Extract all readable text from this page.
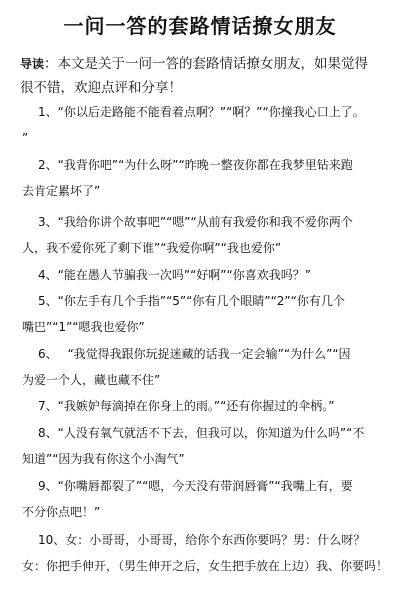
一问一答的套路情话撩女朋友
导读：本文是关于一问一答的套路情话撩女朋友，如果觉得
很不错，欢迎点评和分享！
1、“你以后走路能不能看着点啊？”“啊？”“你撞我心口上了。
”
2、“我背你吧”“为什么呀”“昨晚一整夜你都在我梦里钻来跑
去肯定累坏了”
3、“我给你讲个故事吧”“嗯”“从前有我爱你和我不爱你两个
人，我不爱你死了剩下谁”“我爱你啊”“我也爱你”
4、“能在愚人节骗我一次吗”“好啊”“你喜欢我吗？”
5、“你左手有几个手指”“5”“你有几个眼睛”“2”“你有几个
嘴巴”“1”“嗯我也爱你”
6、　 “我觉得我跟你玩捉迷藏的话我一定会输”“为什么”“因
为爱一个人，藏也藏不住”
7、“我嫉妒每滴掉在你身上的雨。”“还有你握过的伞柄。”
8、“人没有氧气就活不下去，但我可以，你知道为什么吗”“不
知道”“因为我有你这个小淘气”
9、“你嘴唇都裂了”“嗯，今天没有带润唇膏”“我嘴上有，要
不分你点吧！”
10、女：小哥哥，小哥哥，给你个东西你要吗？男：什么呀？
女：你把手伸开，（男生伸开之后，女生把手放在上边）我、你要吗！
